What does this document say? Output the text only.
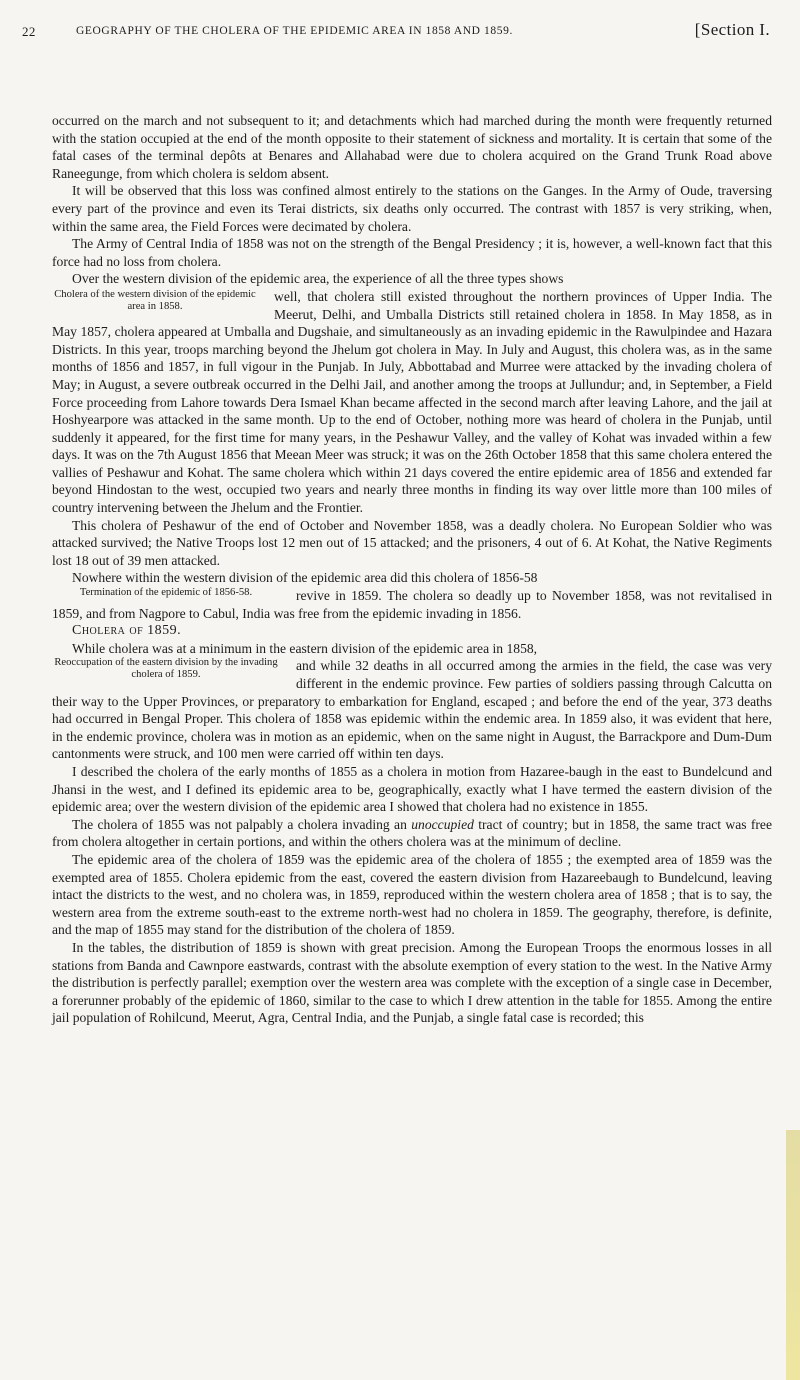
22	GEOGRAPHY OF THE CHOLERA OF THE EPIDEMIC AREA IN 1858 AND 1859.	[Section I.

occurred on the march and not subsequent to it; and detachments which had marched during the month were frequently returned with the station occupied at the end of the month opposite to their statement of sickness and mortality. It is certain that some of the fatal cases of the terminal depôts at Benares and Allahabad were due to cholera acquired on the Grand Trunk Road above Raneegunge, from which cholera is seldom absent.

It will be observed that this loss was confined almost entirely to the stations on the Ganges. In the Army of Oude, traversing every part of the province and even its Terai districts, six deaths only occurred. The contrast with 1857 is very striking, when, within the same area, the Field Forces were decimated by cholera.

The Army of Central India of 1858 was not on the strength of the Bengal Presidency ; it is, however, a well-known fact that this force had no loss from cholera.

Over the western division of the epidemic area, the experience of all the three types shows

Cholera of the western division of the epidemic area in 1858.
well, that cholera still existed throughout the northern provinces of Upper India. The Meerut, Delhi, and Umballa Districts still retained cholera in 1858. In May 1858, as in May 1857, cholera appeared at Umballa and Dugshaie, and simultaneously as an invading epidemic in the Rawulpindee and Hazara Districts. In this year, troops marching beyond the Jhelum got cholera in May. In July and August, this cholera was, as in the same months of 1856 and 1857, in full vigour in the Punjab. In July, Abbottabad and Murree were attacked by the invading cholera of May; in August, a severe outbreak occurred in the Delhi Jail, and another among the troops at Jullundur; and, in September, a Field Force proceeding from Lahore towards Dera Ismael Khan became affected in the second march after leaving Lahore, and the jail at Hoshyearpore was attacked in the same month. Up to the end of October, nothing more was heard of cholera in the Punjab, until suddenly it appeared, for the first time for many years, in the Peshawur Valley, and the valley of Kohat was invaded within a few days. It was on the 7th August 1856 that Meean Meer was struck; it was on the 26th October 1858 that this same cholera entered the vallies of Peshawur and Kohat. The same cholera which within 21 days covered the entire epidemic area of 1856 and extended far beyond Hindostan to the west, occupied two years and nearly three months in finding its way over little more than 100 miles of country intervening between the Jhelum and the Frontier.

This cholera of Peshawur of the end of October and November 1858, was a deadly cholera. No European Soldier who was attacked survived; the Native Troops lost 12 men out of 15 attacked; and the prisoners, 4 out of 6. At Kohat, the Native Regiments lost 18 out of 39 men attacked.

Nowhere within the western division of the epidemic area did this cholera of 1856-58

Termination of the epidemic of 1856-58.	revive in 1859. The cholera so deadly up to November 1858, was not revitalised in 1859, and from Nagpore to Cabul, India was free from the epidemic invading in 1856.

Cholera of 1859.

While cholera was at a minimum in the eastern division of the epidemic area in 1858,

Reoccupation of the eastern division by the invading cholera of 1859.
and while 32 deaths in all occurred among the armies in the field, the case was very different in the endemic province. Few parties of soldiers passing through Calcutta on their way to the Upper Provinces, or preparatory to embarkation for England, escaped ; and before the end of the year, 373 deaths had occurred in Bengal Proper. This cholera of 1858 was epidemic within the endemic area. In 1859 also, it was evident that here, in the endemic province, cholera was in motion as an epidemic, when on the same night in August, the Barrackpore and Dum-Dum cantonments were struck, and 100 men were carried off within ten days.

I described the cholera of the early months of 1855 as a cholera in motion from Hazaree-baugh in the east to Bundelcund and Jhansi in the west, and I defined its epidemic area to be, geographically, exactly what I have termed the eastern division of the epidemic area; over the western division of the epidemic area I showed that cholera had no existence in 1855.

The cholera of 1855 was not palpably a cholera invading an unoccupied tract of country; but in 1858, the same tract was free from cholera altogether in certain portions, and within the others cholera was at the minimum of decline.

The epidemic area of the cholera of 1859 was the epidemic area of the cholera of 1855 ; the exempted area of 1859 was the exempted area of 1855. Cholera epidemic from the east, covered the eastern division from Hazareebaugh to Bundelcund, leaving intact the districts to the west, and no cholera was, in 1859, reproduced within the western cholera area of 1858 ; that is to say, the western area from the extreme south-east to the extreme north-west had no cholera in 1859. The geography, therefore, is definite, and the map of 1855 may stand for the distribution of the cholera of 1859.

In the tables, the distribution of 1859 is shown with great precision. Among the European Troops the enormous losses in all stations from Banda and Cawnpore eastwards, contrast with the absolute exemption of every station to the west. In the Native Army the distribution is perfectly parallel; exemption over the western area was complete with the exception of a single case in December, a forerunner probably of the epidemic of 1860, similar to the case to which I drew attention in the table for 1855. Among the entire jail population of Rohilcund, Meerut, Agra, Central India, and the Punjab, a single fatal case is recorded; this
